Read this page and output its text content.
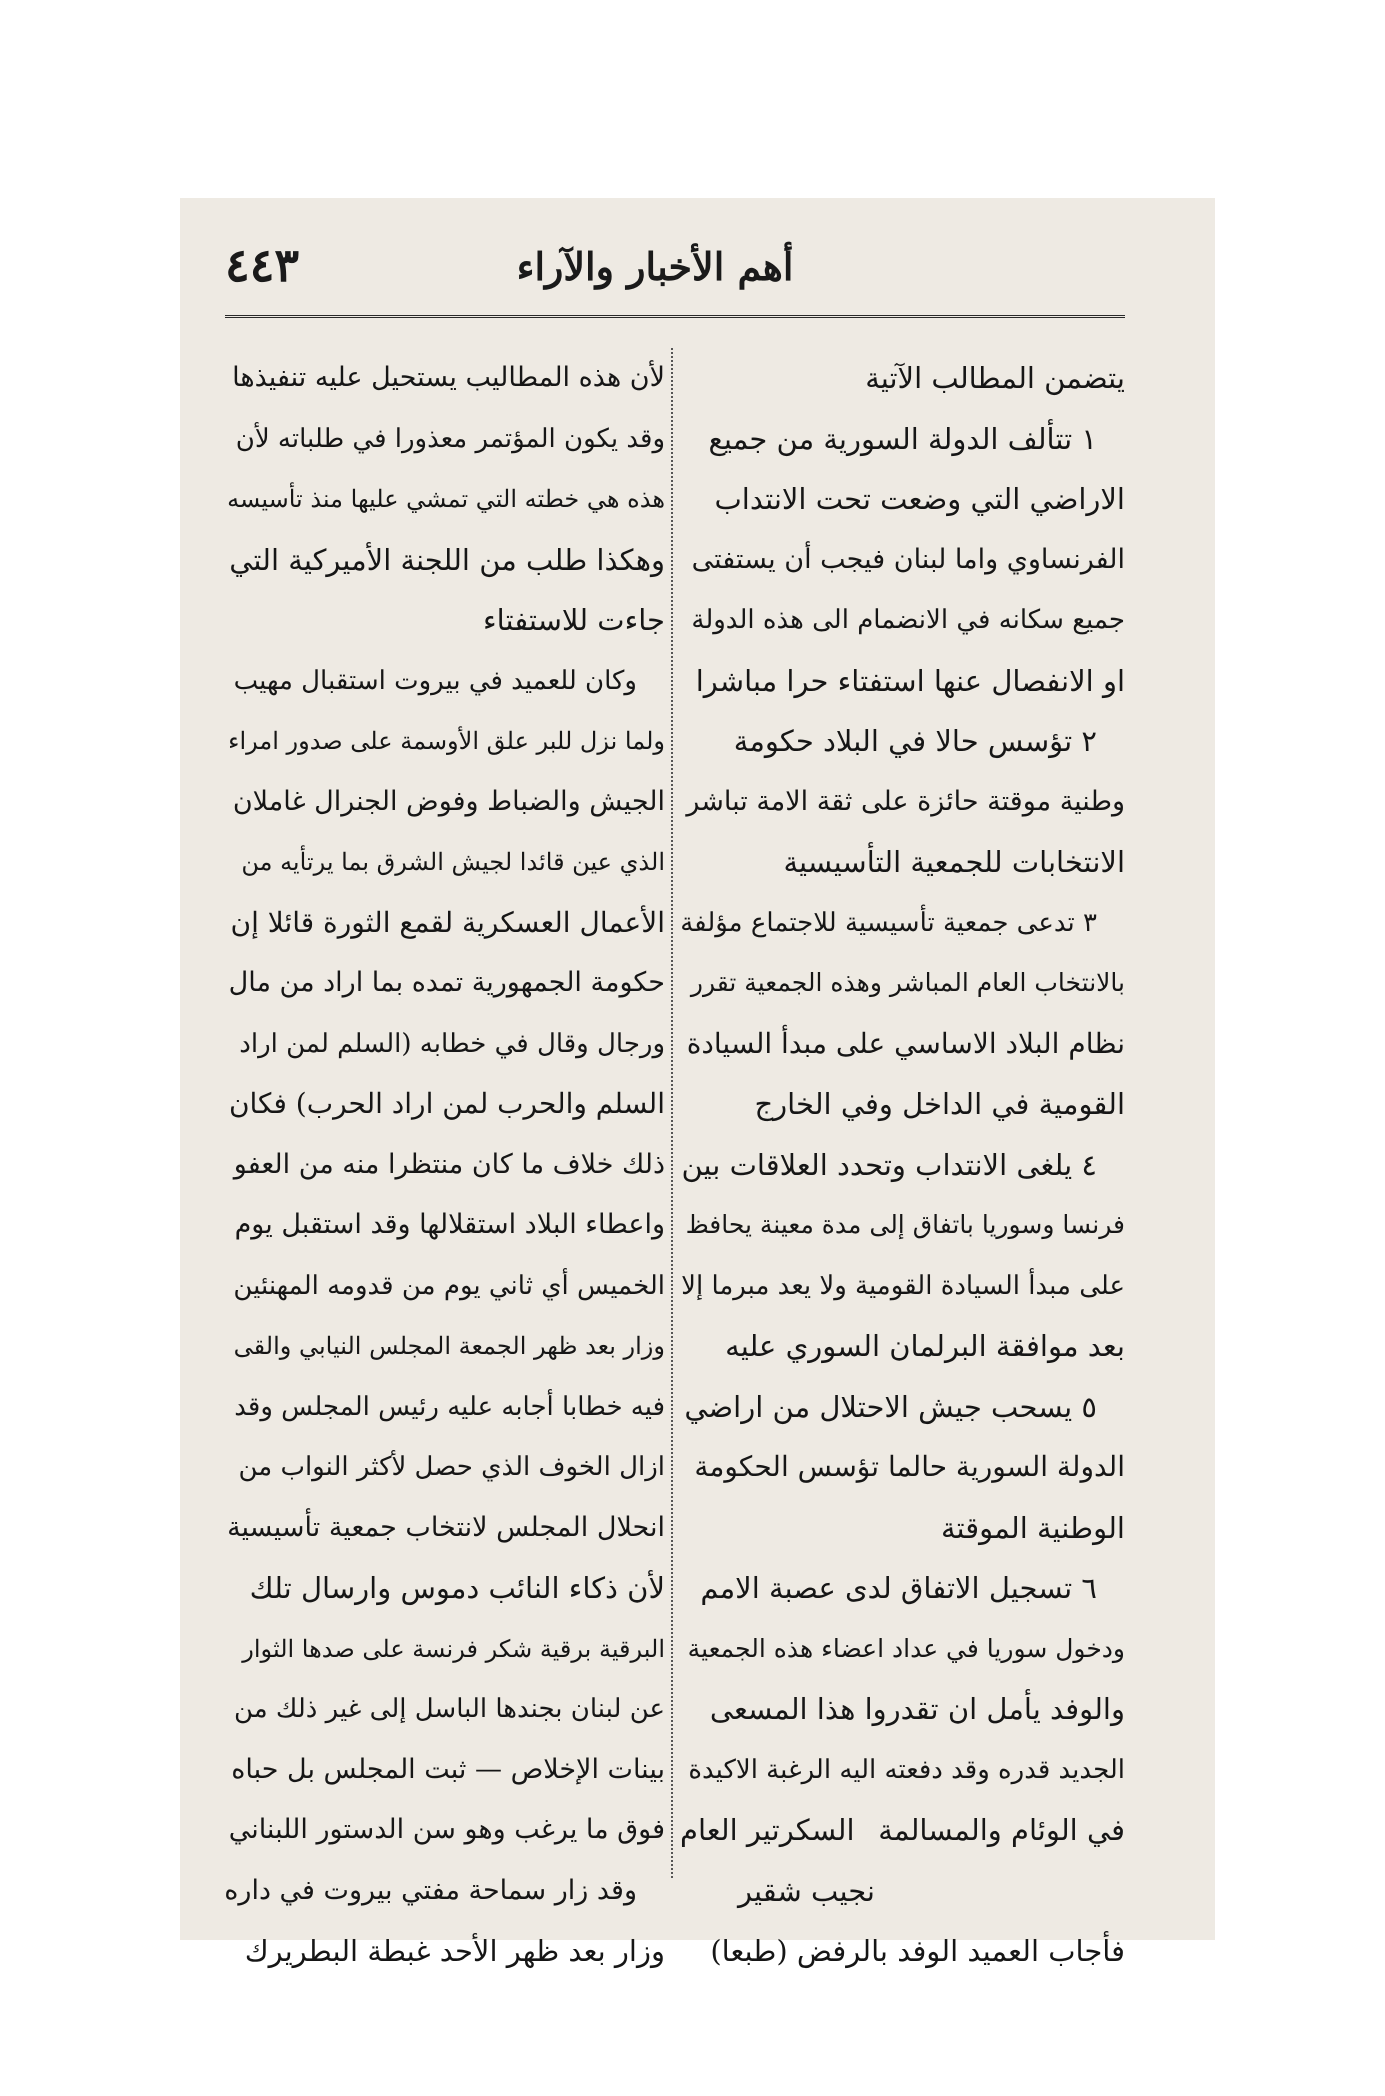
٤٤٣	أهم الأخبار والآراء
يتضمن المطالب الآتية
١ تتألف الدولة السورية من جميع
الاراضي التي وضعت تحت الانتداب
الفرنساوي واما لبنان فيجب أن يستفتى
جميع سكانه في الانضمام الى هذه الدولة
او الانفصال عنها استفتاء حرا مباشرا
٢ تؤسس حالا في البلاد حكومة
وطنية موقتة حائزة على ثقة الامة تباشر
الانتخابات للجمعية التأسيسية
٣ تدعى جمعية تأسيسية للاجتماع مؤلفة
بالانتخاب العام المباشر وهذه الجمعية تقرر
نظام البلاد الاساسي على مبدأ السيادة
القومية في الداخل وفي الخارج
٤ يلغى الانتداب وتحدد العلاقات بين
فرنسا وسوريا باتفاق إلى مدة معينة يحافظ
على مبدأ السيادة القومية ولا يعد مبرما إلا
بعد موافقة البرلمان السوري عليه
٥ يسحب جيش الاحتلال من اراضي
الدولة السورية حالما تؤسس الحكومة
الوطنية الموقتة
٦ تسجيل الاتفاق لدى عصبة الامم
ودخول سوريا في عداد اعضاء هذه الجمعية
والوفد يأمل ان تقدروا هذا المسعى
الجديد قدره وقد دفعته اليه الرغبة الاكيدة
في الوئام والمسالمة
السكرتير العام
نجيب شقير
فأجاب العميد الوفد بالرفض (طبعا)
لأن هذه المطاليب يستحيل عليه تنفيذها
وقد يكون المؤتمر معذورا في طلباته لأن
هذه هي خطته التي تمشي عليها منذ تأسيسه
وهكذا طلب من اللجنة الأميركية التي
جاءت للاستفتاء
وكان للعميد في بيروت استقبال مهيب
ولما نزل للبر علق الأوسمة على صدور امراء
الجيش والضباط وفوض الجنرال غاملان
الذي عين قائدا لجيش الشرق بما يرتأيه من
الأعمال العسكرية لقمع الثورة قائلا إن
حكومة الجمهورية تمده بما اراد من مال
ورجال وقال في خطابه (السلم لمن اراد
السلم والحرب لمن اراد الحرب) فكان
ذلك خلاف ما كان منتظرا منه من العفو
واعطاء البلاد استقلالها وقد استقبل يوم
الخميس أي ثاني يوم من قدومه المهنئين
وزار بعد ظهر الجمعة المجلس النيابي والقى
فيه خطابا أجابه عليه رئيس المجلس وقد
ازال الخوف الذي حصل لأكثر النواب من
انحلال المجلس لانتخاب جمعية تأسيسية
لأن ذكاء النائب دموس وارسال تلك
البرقية برقية شكر فرنسة على صدها الثوار
عن لبنان بجندها الباسل إلى غير ذلك من
بينات الإخلاص — ثبت المجلس بل حباه
فوق ما يرغب وهو سن الدستور اللبناني
وقد زار سماحة مفتي بيروت في داره
وزار بعد ظهر الأحد غبطة البطريرك
